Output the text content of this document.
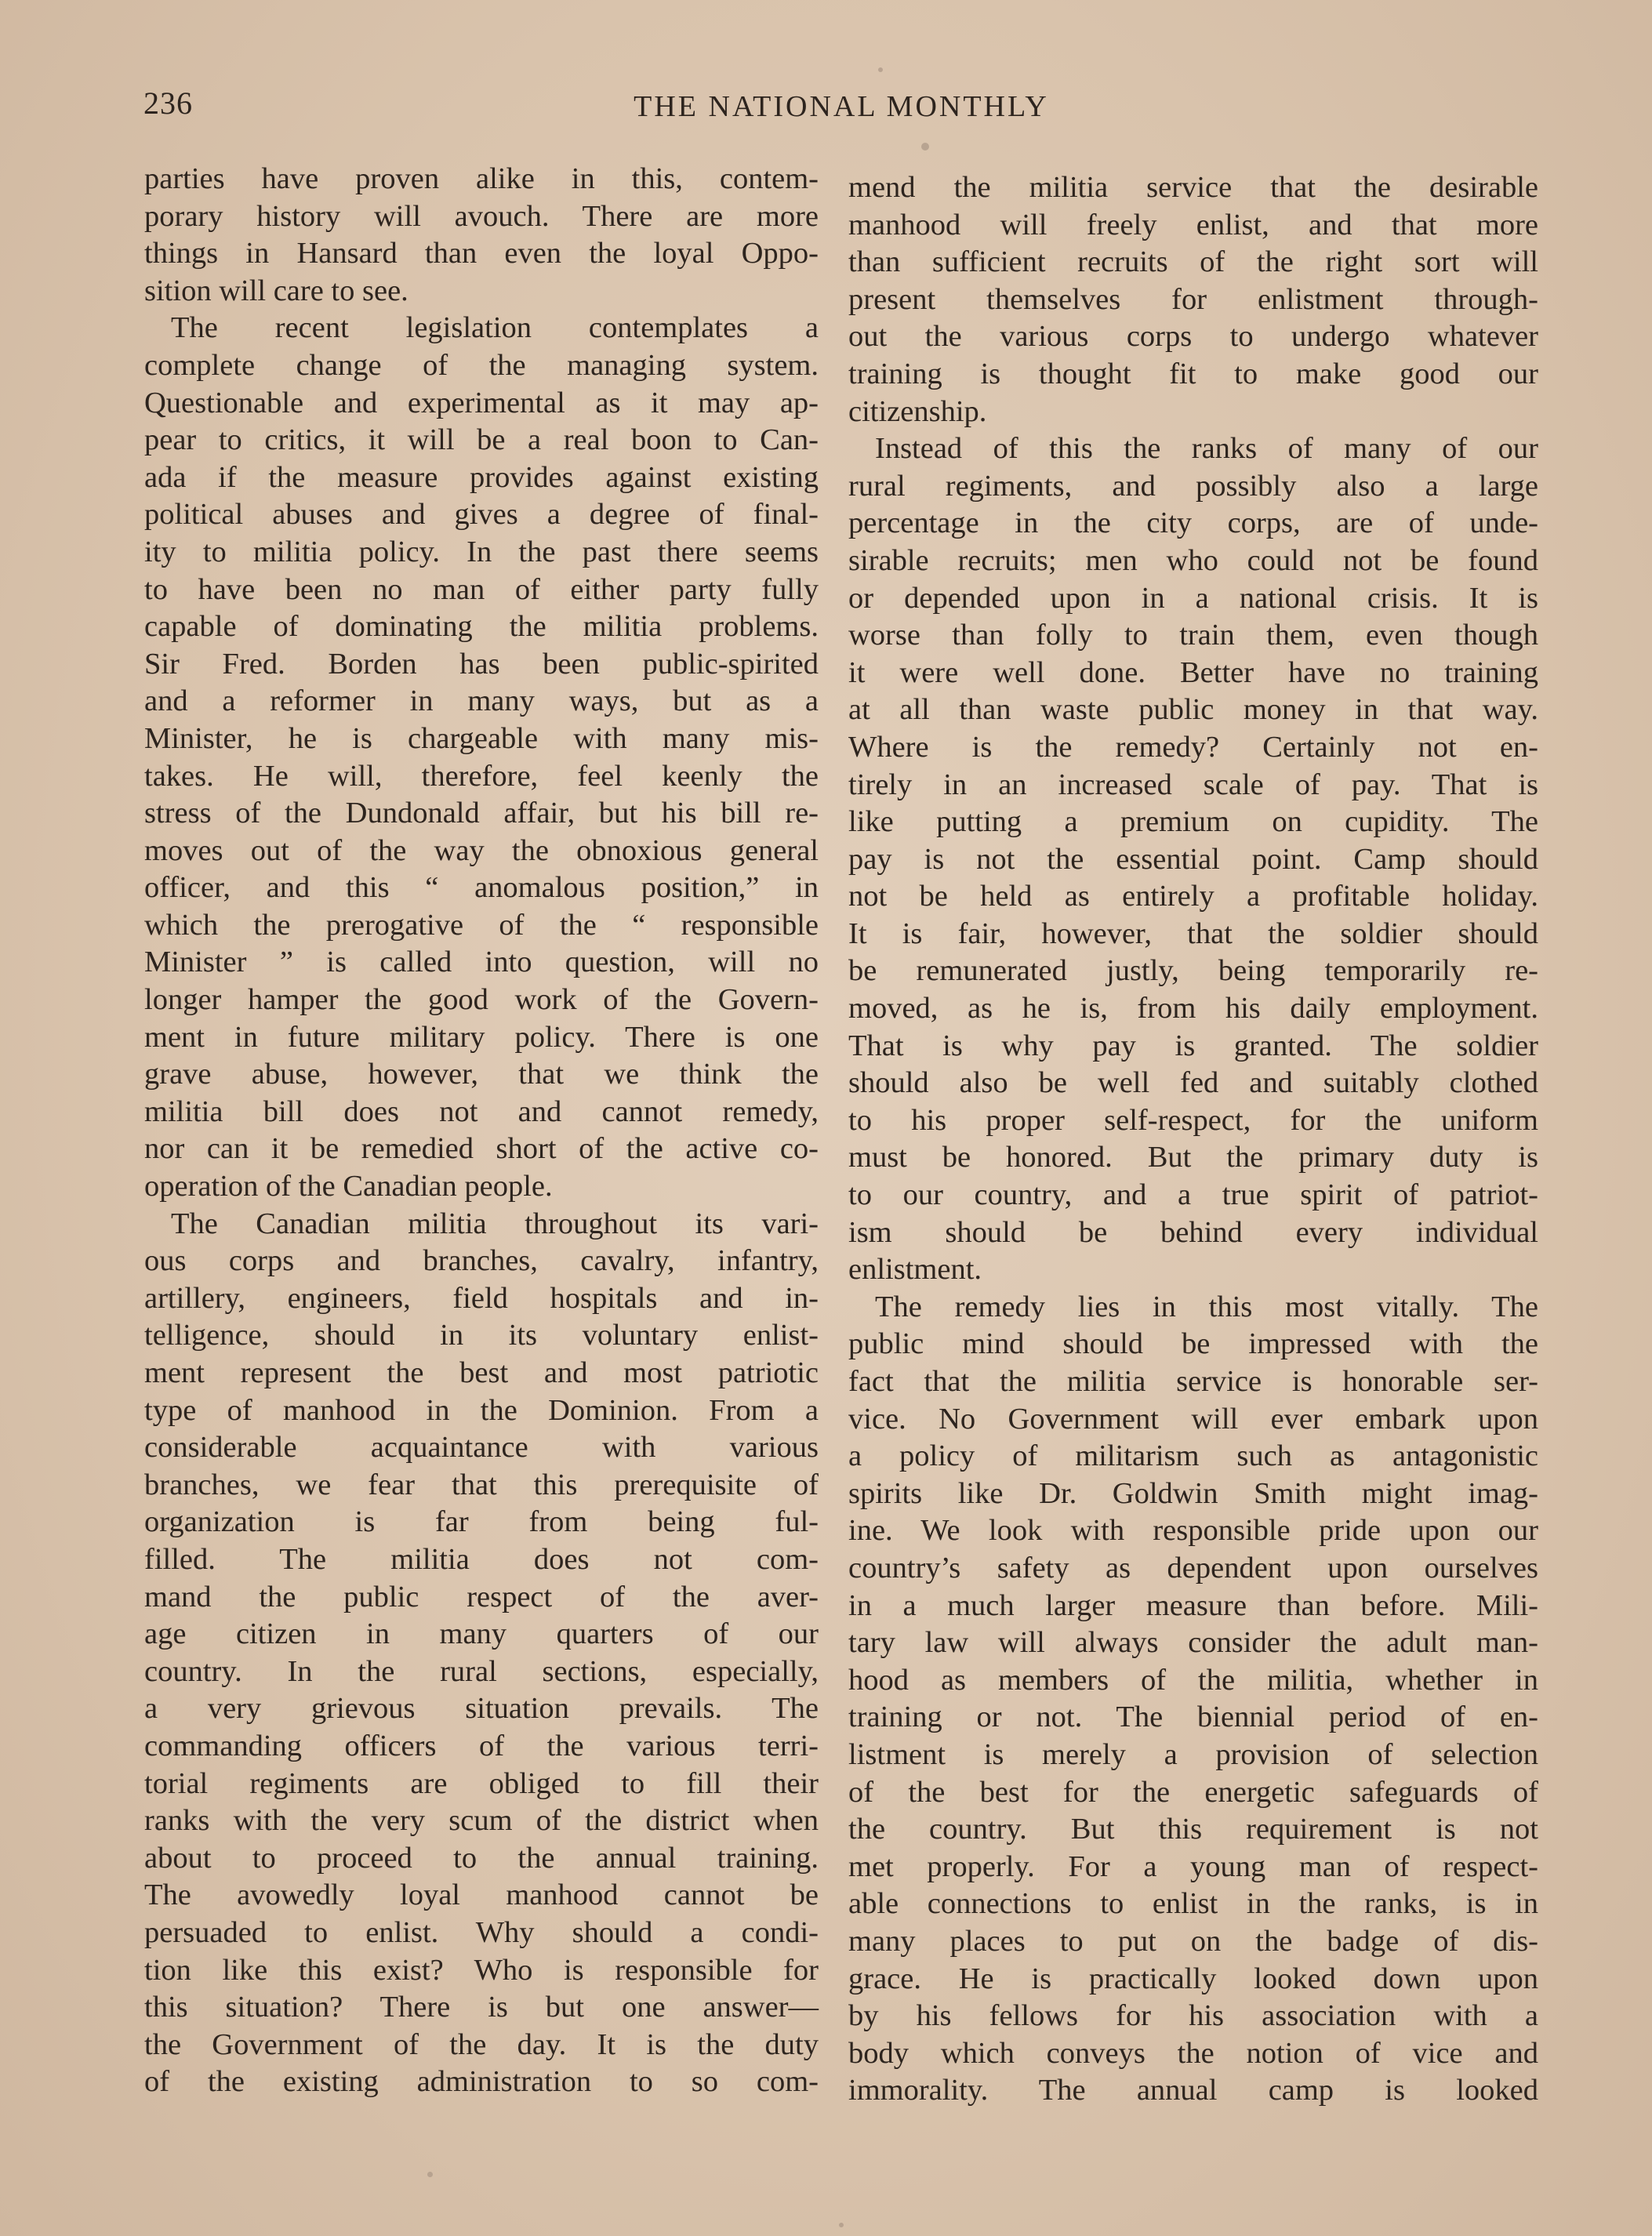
236	THE NATIONAL MONTHLY
parties have proven alike in this, contem-
porary history will avouch. There are more
things in Hansard than even the loyal Oppo-
sition will care to see.
The recent legislation contemplates a
complete change of the managing system.
Questionable and experimental as it may ap-
pear to critics, it will be a real boon to Can-
ada if the measure provides against existing
political abuses and gives a degree of final-
ity to militia policy. In the past there seems
to have been no man of either party fully
capable of dominating the militia problems.
Sir Fred. Borden has been public-spirited
and a reformer in many ways, but as a
Minister, he is chargeable with many mis-
takes. He will, therefore, feel keenly the
stress of the Dundonald affair, but his bill re-
moves out of the way the obnoxious general
officer, and this “ anomalous position,” in
which the prerogative of the “ responsible
Minister ” is called into question, will no
longer hamper the good work of the Govern-
ment in future military policy. There is one
grave abuse, however, that we think the
militia bill does not and cannot remedy,
nor can it be remedied short of the active co-
operation of the Canadian people.
The Canadian militia throughout its vari-
ous corps and branches, cavalry, infantry,
artillery, engineers, field hospitals and in-
telligence, should in its voluntary enlist-
ment represent the best and most patriotic
type of manhood in the Dominion. From a
considerable acquaintance with various
branches, we fear that this prerequisite of
organization is far from being ful-
filled. The militia does not com-
mand the public respect of the aver-
age citizen in many quarters of our
country. In the rural sections, especially,
a very grievous situation prevails. The
commanding officers of the various terri-
torial regiments are obliged to fill their
ranks with the very scum of the district when
about to proceed to the annual training.
The avowedly loyal manhood cannot be
persuaded to enlist. Why should a condi-
tion like this exist? Who is responsible for
this situation? There is but one answer—
the Government of the day. It is the duty
of the existing administration to so com-
mend the militia service that the desirable
manhood will freely enlist, and that more
than sufficient recruits of the right sort will
present themselves for enlistment through-
out the various corps to undergo whatever
training is thought fit to make good our
citizenship.
Instead of this the ranks of many of our
rural regiments, and possibly also a large
percentage in the city corps, are of unde-
sirable recruits; men who could not be found
or depended upon in a national crisis. It is
worse than folly to train them, even though
it were well done. Better have no training
at all than waste public money in that way.
Where is the remedy? Certainly not en-
tirely in an increased scale of pay. That is
like putting a premium on cupidity. The
pay is not the essential point. Camp should
not be held as entirely a profitable holiday.
It is fair, however, that the soldier should
be remunerated justly, being temporarily re-
moved, as he is, from his daily employment.
That is why pay is granted. The soldier
should also be well fed and suitably clothed
to his proper self-respect, for the uniform
must be honored. But the primary duty is
to our country, and a true spirit of patriot-
ism should be behind every individual
enlistment.
The remedy lies in this most vitally. The
public mind should be impressed with the
fact that the militia service is honorable ser-
vice. No Government will ever embark upon
a policy of militarism such as antagonistic
spirits like Dr. Goldwin Smith might imag-
ine. We look with responsible pride upon our
country’s safety as dependent upon ourselves
in a much larger measure than before. Mili-
tary law will always consider the adult man-
hood as members of the militia, whether in
training or not. The biennial period of en-
listment is merely a provision of selection
of the best for the energetic safeguards of
the country. But this requirement is not
met properly. For a young man of respect-
able connections to enlist in the ranks, is in
many places to put on the badge of dis-
grace. He is practically looked down upon
by his fellows for his association with a
body which conveys the notion of vice and
immorality. The annual camp is looked
